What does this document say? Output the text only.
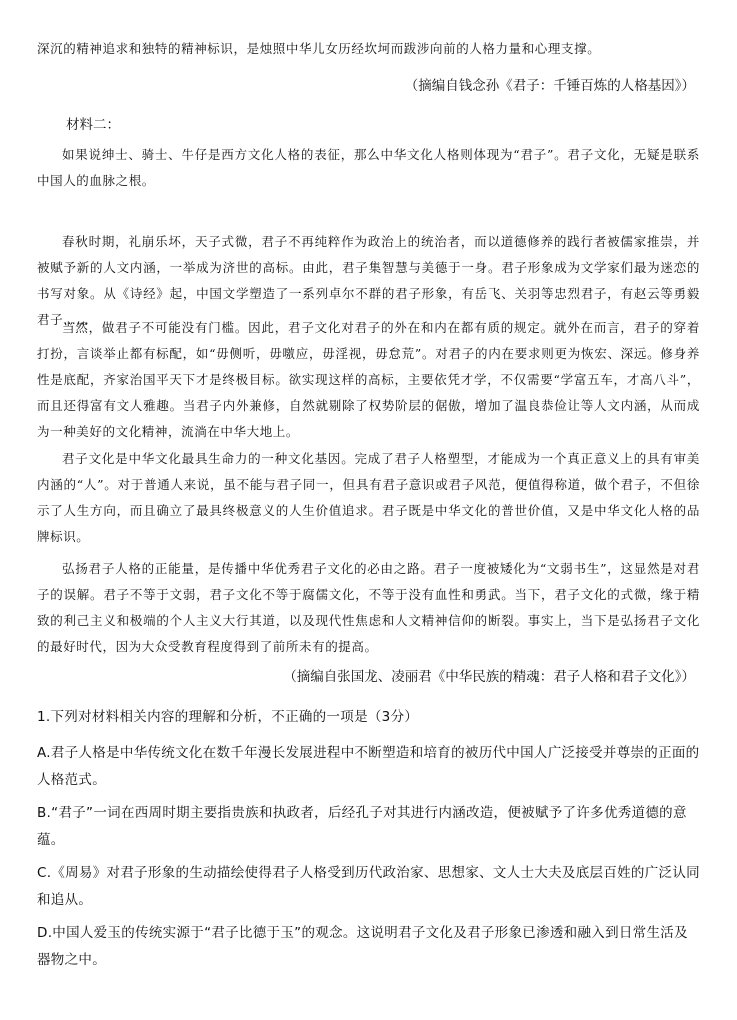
深沉的精神追求和独特的精神标识，是烛照中华儿女历经坎坷而跋涉向前的人格力量和心理支撑。

（摘编自钱念孙《君子：千锤百炼的人格基因》）

材料二：

如果说绅士、骑士、牛仔是西方文化人格的表征，那么中华文化人格则体现为“君子”。君子文化，无疑是联系中国人的血脉之根。

春秋时期，礼崩乐坏，天子式微，君子不再纯粹作为政治上的统治者，而以道德修养的践行者被儒家推崇，并被赋予新的人文内涵，一举成为济世的高标。由此，君子集智慧与美德于一身。君子形象成为文学家们最为迷恋的书写对象。从《诗经》起，中国文学塑造了一系列卓尔不群的君子形象，有岳飞、关羽等忠烈君子，有赵云等勇毅君子……

当然，做君子不可能没有门槛。因此，君子文化对君子的外在和内在都有质的规定。就外在而言，君子的穿着打扮，言谈举止都有标配，如“毋侧听，毋噭应，毋淫视，毋怠荒”。对君子的内在要求则更为恢宏、深远。修身养性是底配，齐家治国平天下才是终极目标。欲实现这样的高标，主要依凭才学，不仅需要“学富五车，才高八斗”，而且还得富有文人雅趣。当君子内外兼修，自然就剔除了权势阶层的倨傲，增加了温良恭俭让等人文内涵，从而成为一种美好的文化精神，流淌在中华大地上。

君子文化是中华文化最具生命力的一种文化基因。完成了君子人格塑型，才能成为一个真正意义上的具有审美内涵的“人”。对于普通人来说，虽不能与君子同一，但具有君子意识或君子风范，便值得称道，做个君子，不但徐示了人生方向，而且确立了最具终极意义的人生价值追求。君子既是中华文化的普世价值，又是中华文化人格的品牌标识。

弘扬君子人格的正能量，是传播中华优秀君子文化的必由之路。君子一度被矮化为“文弱书生”，这显然是对君子的误解。君子不等于文弱，君子文化不等于腐儒文化，不等于没有血性和勇武。当下，君子文化的式微，缘于精致的利己主义和极端的个人主义大行其道，以及现代性焦虑和人文精神信仰的断裂。事实上，当下是弘扬君子文化的最好时代，因为大众受教育程度得到了前所未有的提高。

（摘编自张国龙、凌丽君《中华民族的精魂：君子人格和君子文化》）

1.下列对材料相关内容的理解和分析，不正确的一项是（3分）

A.君子人格是中华传统文化在数千年漫长发展进程中不断塑造和培育的被历代中国人广泛接受并尊崇的正面的人格范式。

B.“君子”一词在西周时期主要指贵族和执政者，后经孔子对其进行内涵改造，便被赋予了许多优秀道德的意蕴。

C.《周易》对君子形象的生动描绘使得君子人格受到历代政治家、思想家、文人士大夫及底层百姓的广泛认同和追从。

D.中国人爱玉的传统实源于“君子比德于玉”的观念。这说明君子文化及君子形象已渗透和融入到日常生活及器物之中。
